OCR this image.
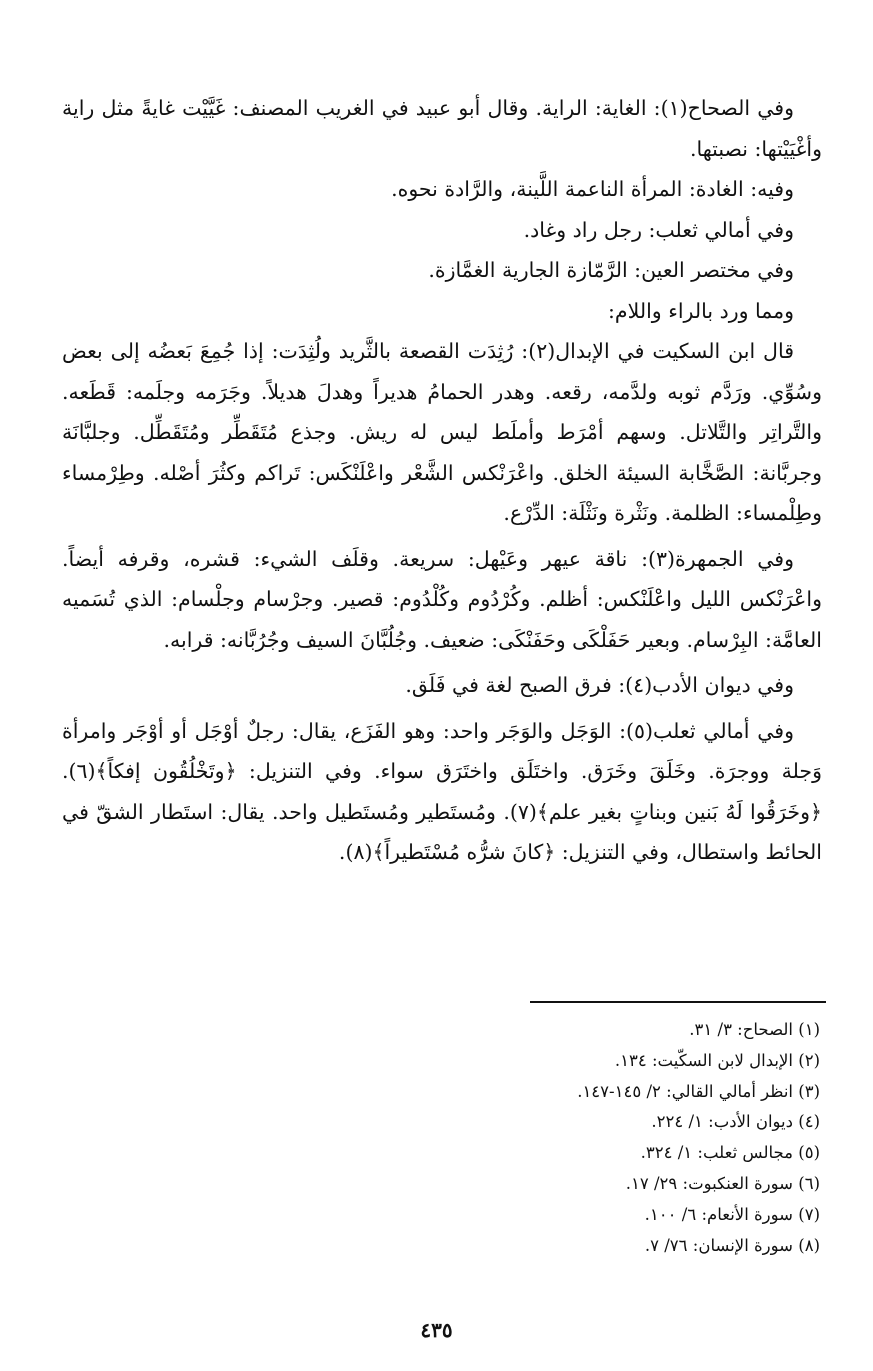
وفي الصحاح(١): الغاية: الراية. وقال أبو عبيد في الغريب المصنف: غَيَّيْت غايةً مثل راية وأغْيَيْتها: نصبتها.

وفيه: الغادة: المرأة الناعمة اللَّينة، والرَّادة نحوه.

وفي أمالي ثعلب: رجل راد وغاد.

وفي مختصر العين: الرَّمّازة الجارية الغمَّازة.

ومما ورد بالراء واللام:

قال ابن السكيت في الإبدال(٢): رُثِدَت القصعة بالثَّريد ولُثِدَت: إذا جُمِعَ بَعضُه إلى بعض وسُوِّي. ورَدَّم ثوبه ولدَّمه، رقعه. وهدر الحمامُ هديراً وهدلَ هديلاً. وجَرَمه وجلَمه: قَطَعه. والتَّراتِر والتَّلاتل. وسهم أمْرَط وأملَط ليس له ريش. وجذع مُتَقَطِّر ومُتَقَطِّل. وجلبَّانَة وجربَّانة: الصَّخَّابة السيئة الخلق. واعْرَنْكس الشَّعْر واعْلَنْكَس: تَراكم وكثُرَ أصْله. وطِرْمساء وطِلْمساء: الظلمة. ونَثْرة ونَثْلَة: الدِّرْع.

وفي الجمهرة(٣): ناقة عيهر وعَيْهل: سريعة. وقلَف الشيء: قشره، وقرفه أيضاً. واعْرَنْكس الليل واعْلَنْكس: أظلم. وكُرْدُوم وكُلْدُوم: قصير. وجرْسام وجلْسام: الذي تُسَميه العامَّة: البِرْسام. وبعير حَفَلْكَى وحَفَنْكَى: ضعيف. وجُلُبَّانَ السيف وجُرُبَّانه: قرابه.

وفي ديوان الأدب(٤): فرق الصبح لغة في فَلَق.

وفي أمالي ثعلب(٥): الوَجَل والوَجَر واحد: وهو الفَزَع، يقال: رجلٌ أوْجَل أو أوْجَر وامرأة وَجلة ووجرَة. وخَلَقَ وخَرَق. واختَلَق واختَرَق سواء. وفي التنزيل: ﴿وتَخْلُقُون إفكاً﴾(٦). ﴿وخَرَقُوا لَهُ بَنين وبناتٍ بغير علم﴾(٧). ومُستَطير ومُستَطيل واحد. يقال: استَطار الشقّ في الحائط واستطال، وفي التنزيل: ﴿كانَ شرُّه مُسْتَطيراً﴾(٨).

(١) الصحاح: ٣/ ٣١.

(٢) الإبدال لابن السكّيت: ١٣٤.

(٣) انظر أمالي القالي: ٢/ ١٤٥-١٤٧.

(٤) ديوان الأدب: ١/ ٢٢٤.

(٥) مجالس ثعلب: ١/ ٣٢٤.

(٦) سورة العنكبوت: ٢٩/ ١٧.

(٧) سورة الأنعام: ٦/ ١٠٠.

(٨) سورة الإنسان: ٧٦/ ٧.

٤٣٥
